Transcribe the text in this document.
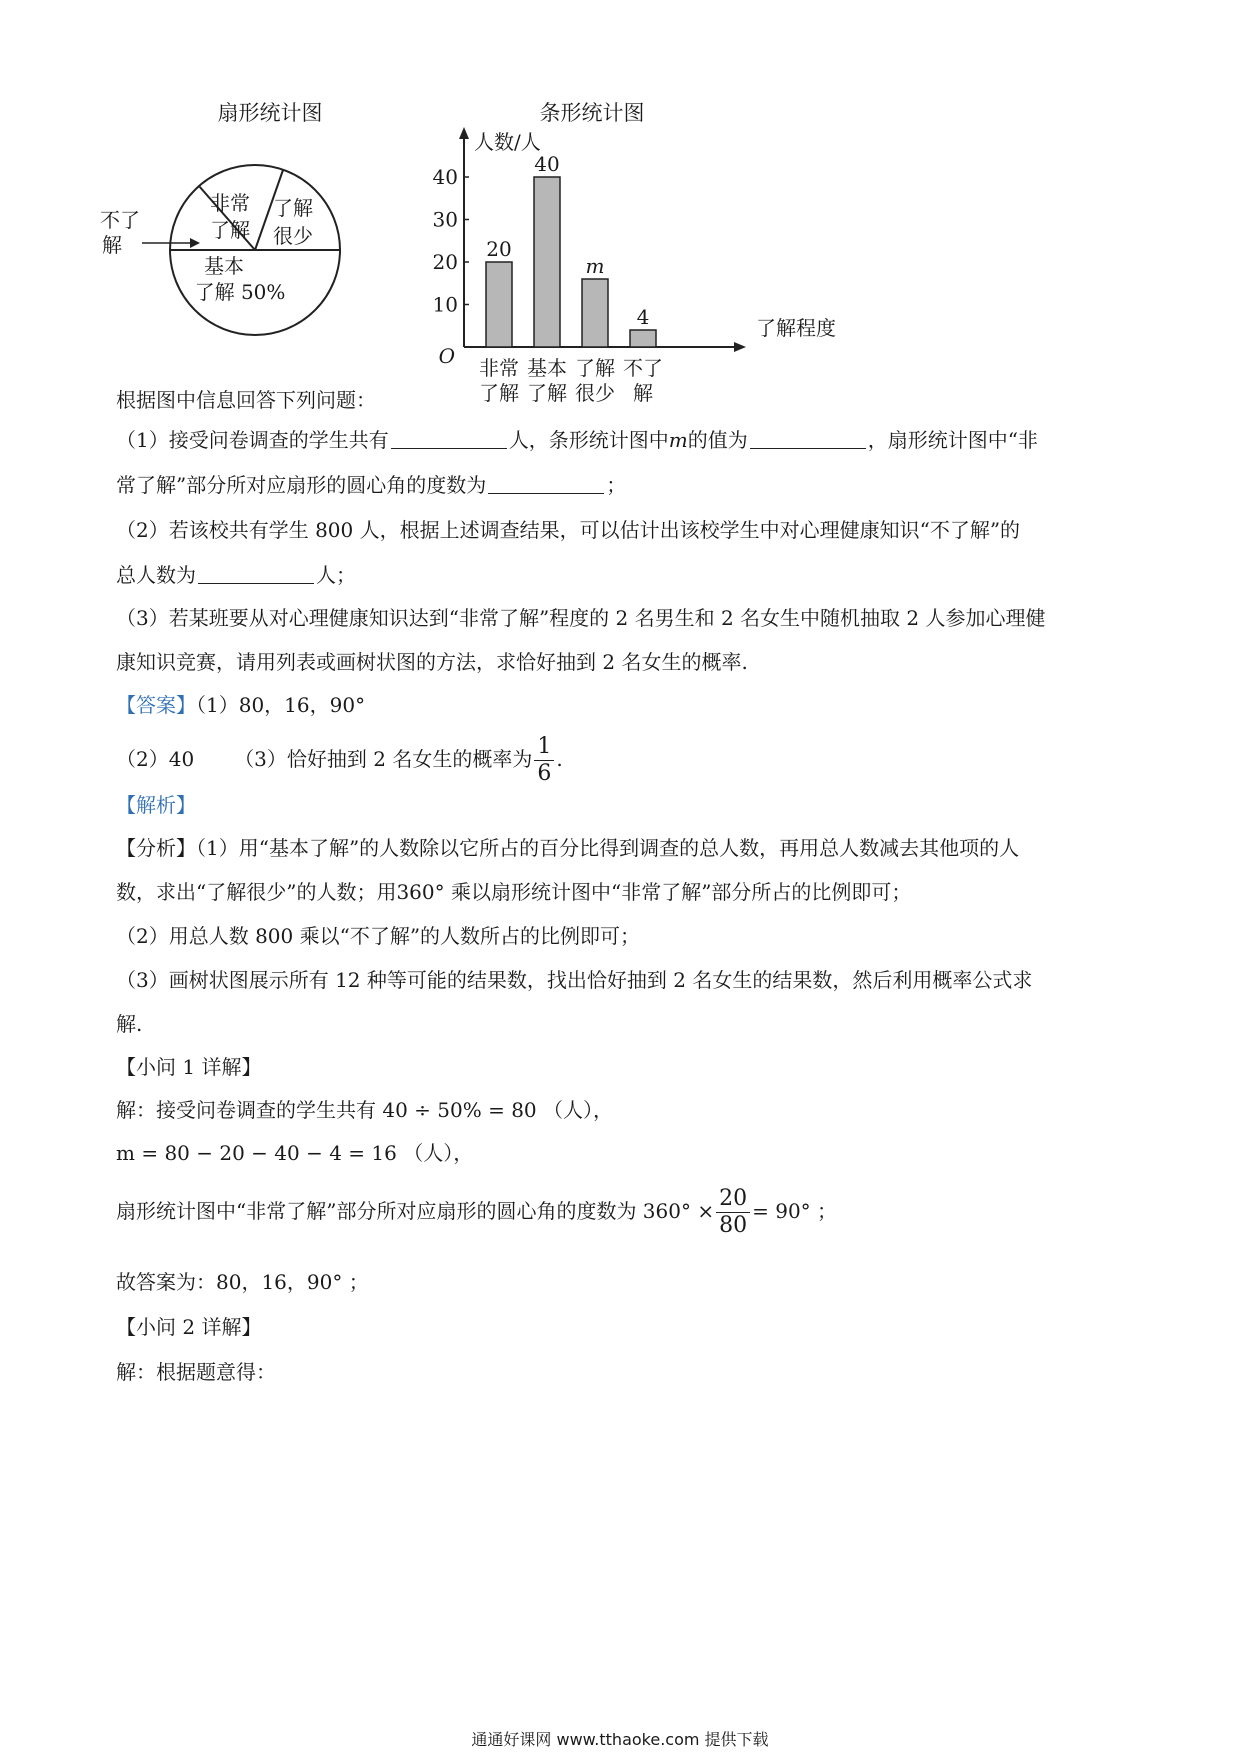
扇形统计图
非常
了解
了解
很少
不了
解
基本
了解 50%
条形统计图
人数/人
O
了解程度
10
20
30
40
20
非常
了解
40
基本
了解
m
了解
很少
4
不了
解
根据图中信息回答下列问题：
（1）接受问卷调查的学生共有	人，条形统计图中m的值为	，扇形统计图中“非
常了解”部分所对应扇形的圆心角的度数为	；
（2）若该校共有学生 800 人，根据上述调查结果，可以估计出该校学生中对心理健康知识“不了解”的
总人数为	人；
（3）若某班要从对心理健康知识达到“非常了解”程度的 2 名男生和 2 名女生中随机抽取 2 人参加心理健
康知识竞赛，请用列表或画树状图的方法，求恰好抽到 2 名女生的概率.
【答案】（1）80，16，90°
（2）40 （3）恰好抽到 2 名女生的概率为 $\frac{1}{6}$ .
【解析】
【分析】（1）用“基本了解”的人数除以它所占的百分比得到调查的总人数，再用总人数减去其他项的人
数，求出“了解很少”的人数；用360° 乘以扇形统计图中“非常了解”部分所占的比例即可；
（2）用总人数 800 乘以“不了解”的人数所占的比例即可；
（3）画树状图展示所有 12 种等可能的结果数，找出恰好抽到 2 名女生的结果数，然后利用概率公式求
解.
【小问 1 详解】
解：接受问卷调查的学生共有 40 ÷ 50% = 80 （人），
m = 80 − 20 − 40 − 4 = 16 （人），
扇形统计图中“非常了解”部分所对应扇形的圆心角的度数为 $360^\circ \times \frac{20}{80} = 90^\circ$ ；
故答案为：80，16，90° ；
【小问 2 详解】
解：根据题意得：
通通好课网 www.tthaoke.com 提供下载
